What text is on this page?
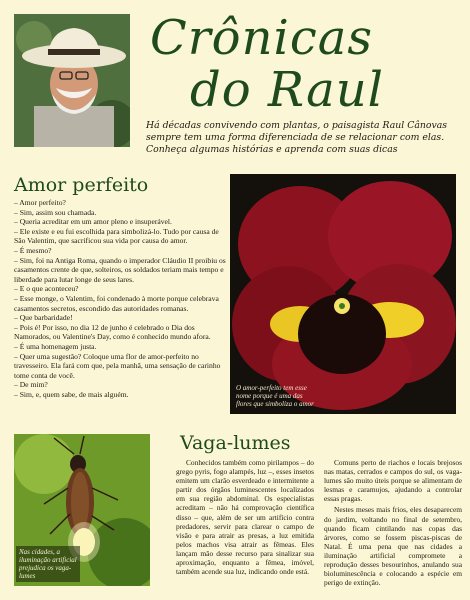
Crônicas
do Raul
Há décadas convivendo com plantas, o paisagista Raul Cânovas sempre tem uma forma diferenciada de se relacionar com elas. Conheça algumas histórias e aprenda com suas dicas
Amor perfeito

– Amor perfeito?

– Sim, assim sou chamada.

– Queria acreditar em um amor pleno e insuperável.

– Ele existe e eu fui escolhida para simbolizá-lo. Tudo por causa de São Valentim, que sacrificou sua vida por causa do amor.

– É mesmo?

– Sim, foi na Antiga Roma, quando o imperador Cláudio II proibiu os casamentos crente de que, solteiros, os soldados teriam mais tempo e liberdade para lutar longe de seus lares.

– E o que aconteceu?

– Esse monge, o Valentim, foi condenado à morte porque celebrava casamentos secretos, escondido das autoridades romanas.

– Que barbaridade!

– Pois é! Por isso, no dia 12 de junho é celebrado o Dia dos Namorados, ou Valentine's Day, como é conhecido mundo afora.

– É uma homenagem justa.

– Quer uma sugestão? Coloque uma flor de amor-perfeito no travesseiro. Ela fará com que, pela manhã, uma sensação de carinho tome conta de você.

– De mim?

– Sim, e, quem sabe, de mais alguém.

O amor-perfeito tem esse nome porque é uma das flores que simboliza o amor
Nas cidades, a iluminação artificial prejudica os vaga-lumes
Vaga-lumes

Conhecidos também como pirilampos – do grego pyris, fogo alampés, luz –, esses insetos emitem um clarão esverdeado e intermitente a partir dos órgãos luminescentes localizados em sua região abdominal. Os especialistas acreditam – não há comprovação científica disso – que, além de ser um artifício contra predadores, servir para clarear o campo de visão e para atrair as presas, a luz emitida pelos machos visa atrair as fêmeas. Eles lançam mão desse recurso para sinalizar sua aproximação, enquanto a fêmea, imóvel, também acende sua luz, indicando onde está.

Comuns perto de riachos e locais brejosos nas matas, cerrados e campos do sul, os vaga-lumes são muito úteis porque se alimentam de lesmas e caramujos, ajudando a controlar essas pragas.

Nestes meses mais frios, eles desaparecem do jardim, voltando no final de setembro, quando ficam cintilando nas copas das árvores, como se fossem piscas-piscas de Natal. É uma pena que nas cidades a iluminação artificial compromete a reprodução desses besourinhos, anulando sua bioluminescência e colocando a espécie em perigo de extinção.
